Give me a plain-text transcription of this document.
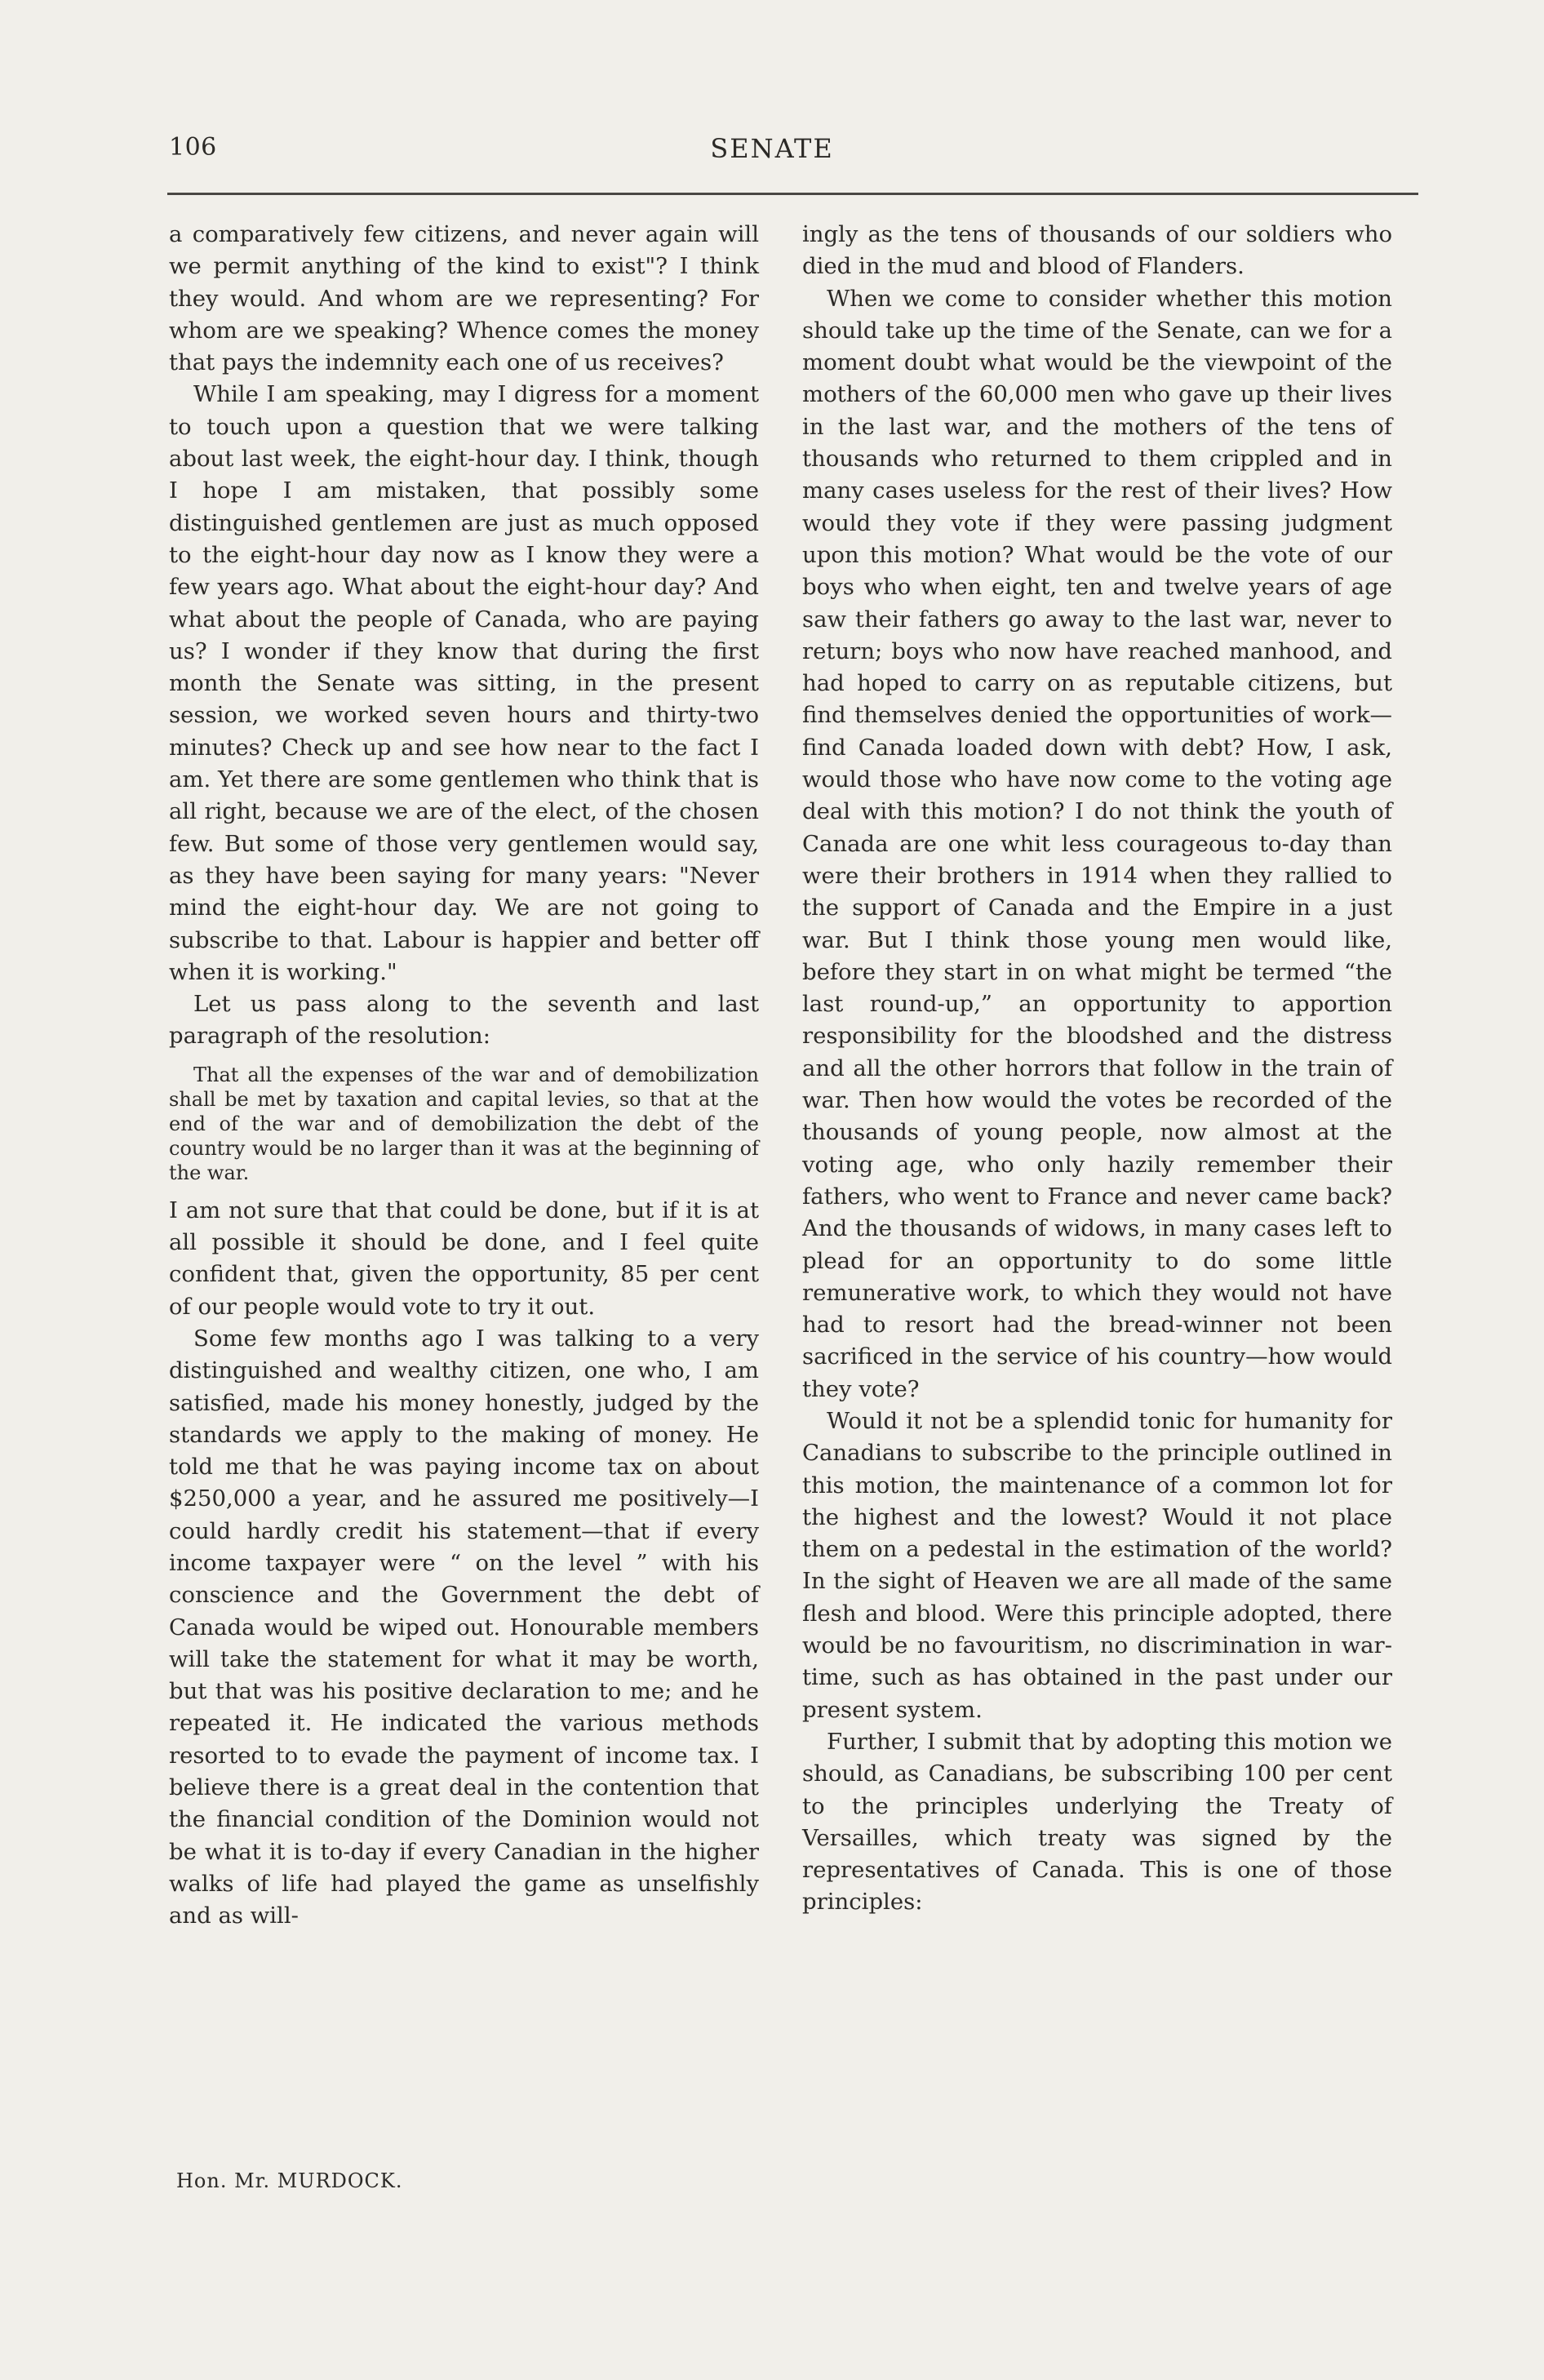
106	SENATE

a comparatively few citizens, and never again will we permit anything of the kind to exist"? I think they would. And whom are we representing? For whom are we speaking? Whence comes the money that pays the indemnity each one of us receives?

While I am speaking, may I digress for a moment to touch upon a question that we were talking about last week, the eight-hour day. I think, though I hope I am mistaken, that possibly some distinguished gentlemen are just as much opposed to the eight-hour day now as I know they were a few years ago. What about the eight-hour day? And what about the people of Canada, who are paying us? I wonder if they know that during the first month the Senate was sitting, in the present session, we worked seven hours and thirty-two minutes? Check up and see how near to the fact I am. Yet there are some gentlemen who think that is all right, because we are of the elect, of the chosen few. But some of those very gentlemen would say, as they have been saying for many years: "Never mind the eight-hour day. We are not going to subscribe to that. Labour is happier and better off when it is working."

Let us pass along to the seventh and last paragraph of the resolution:

That all the expenses of the war and of demobilization shall be met by taxation and capital levies, so that at the end of the war and of demobilization the debt of the country would be no larger than it was at the beginning of the war.

I am not sure that that could be done, but if it is at all possible it should be done, and I feel quite confident that, given the opportunity, 85 per cent of our people would vote to try it out.

Some few months ago I was talking to a very distinguished and wealthy citizen, one who, I am satisfied, made his money honestly, judged by the standards we apply to the making of money. He told me that he was paying income tax on about $250,000 a year, and he assured me positively—I could hardly credit his statement—that if every income taxpayer were “ on the level ” with his conscience and the Government the debt of Canada would be wiped out. Honourable members will take the statement for what it may be worth, but that was his positive declaration to me; and he repeated it. He indicated the various methods resorted to to evade the payment of income tax. I believe there is a great deal in the contention that the financial condition of the Dominion would not be what it is to-day if every Canadian in the higher walks of life had played the game as unselfishly and as will-

ingly as the tens of thousands of our soldiers who died in the mud and blood of Flanders.

When we come to consider whether this motion should take up the time of the Senate, can we for a moment doubt what would be the viewpoint of the mothers of the 60,000 men who gave up their lives in the last war, and the mothers of the tens of thousands who returned to them crippled and in many cases useless for the rest of their lives? How would they vote if they were passing judgment upon this motion? What would be the vote of our boys who when eight, ten and twelve years of age saw their fathers go away to the last war, never to return; boys who now have reached manhood, and had hoped to carry on as reputable citizens, but find themselves denied the opportunities of work—find Canada loaded down with debt? How, I ask, would those who have now come to the voting age deal with this motion? I do not think the youth of Canada are one whit less courageous to-day than were their brothers in 1914 when they rallied to the support of Canada and the Empire in a just war. But I think those young men would like, before they start in on what might be termed “the last round-up,” an opportunity to apportion responsibility for the bloodshed and the distress and all the other horrors that follow in the train of war. Then how would the votes be recorded of the thousands of young people, now almost at the voting age, who only hazily remember their fathers, who went to France and never came back? And the thousands of widows, in many cases left to plead for an opportunity to do some little remunerative work, to which they would not have had to resort had the bread-winner not been sacrificed in the service of his country—how would they vote?

Would it not be a splendid tonic for humanity for Canadians to subscribe to the principle outlined in this motion, the maintenance of a common lot for the highest and the lowest? Would it not place them on a pedestal in the estimation of the world? In the sight of Heaven we are all made of the same flesh and blood. Were this principle adopted, there would be no favouritism, no discrimination in war-time, such as has obtained in the past under our present system.

Further, I submit that by adopting this motion we should, as Canadians, be subscribing 100 per cent to the principles underlying the Treaty of Versailles, which treaty was signed by the representatives of Canada. This is one of those principles:

Hon. Mr. MURDOCK.
